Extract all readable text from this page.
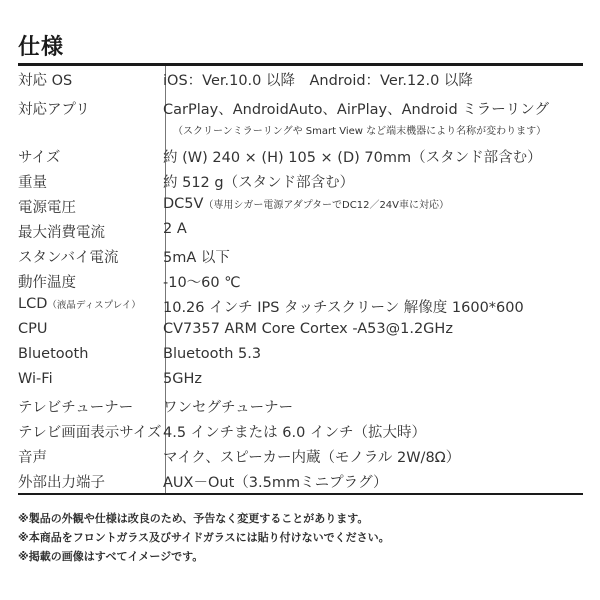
仕様
対応 OS	iOS：Ver.10.0 以降　Android：Ver.12.0 以降
対応アプリ	CarPlay、AndroidAuto、AirPlay、Android ミラーリング
（スクリーンミラーリングや Smart View など端末機器により名称が変わります）
サイズ	約 (W) 240 × (H) 105 × (D) 70mm（スタンド部含む）
重量	約 512 g（スタンド部含む）
電源電圧	DC5V（専用シガー電源アダプターでDC12／24V車に対応）
最大消費電流	2 A
スタンバイ電流	5mA 以下
動作温度	-10～60 ℃
LCD（液晶ディスプレイ）	10.26 インチ IPS タッチスクリーン 解像度 1600*600
CPU	CV7357 ARM Core Cortex -A53@1.2GHz
Bluetooth	Bluetooth 5.3
Wi-Fi	5GHz
テレビチューナー	ワンセグチューナー
テレビ画面表示サイズ 4.5 インチまたは 6.0 インチ（拡大時）
音声	マイク、スピーカー内蔵（モノラル 2W/8Ω）
外部出力端子	AUX－Out（3.5mmミニプラグ）
※製品の外観や仕様は改良のため、予告なく変更することがあります。
※本商品をフロントガラス及びサイドガラスには貼り付けないでください。
※掲載の画像はすべてイメージです。
